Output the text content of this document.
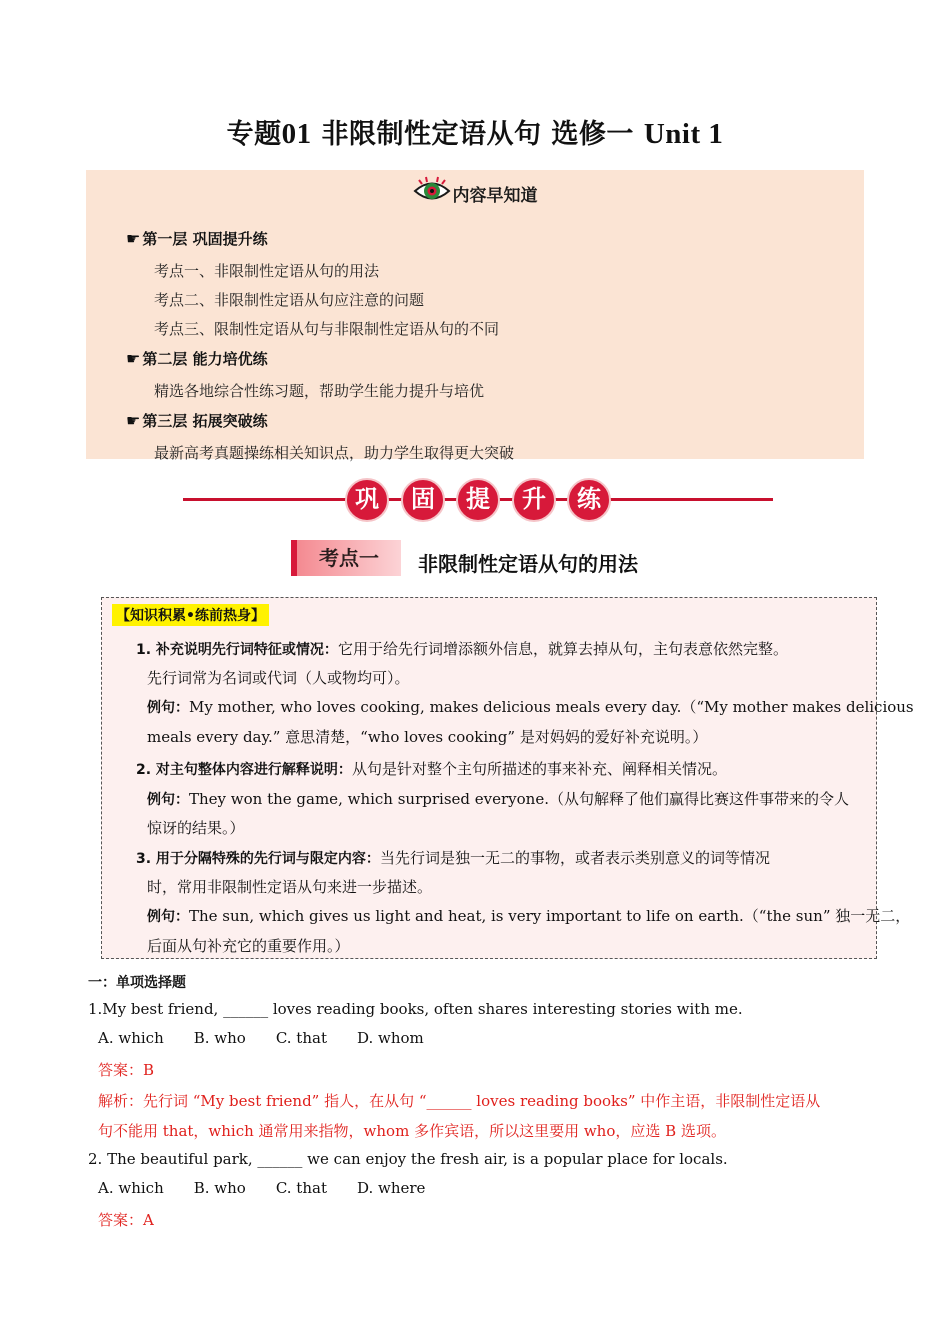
专题01 非限制性定语从句 选修一 Unit 1
内容早知道
☛ 第一层 巩固提升练
考点一、非限制性定语从句的用法
考点二、非限制性定语从句应注意的问题
考点三、限制性定语从句与非限制性定语从句的不同
☛ 第二层 能力培优练
精选各地综合性练习题，帮助学生能力提升与培优
☛ 第三层 拓展突破练
最新高考真题操练相关知识点，助力学生取得更大突破
巩	固	提	升	练
考点一	非限制性定语从句的用法
【知识积累•练前热身】
1. 补充说明先行词特征或情况：它用于给先行词增添额外信息，就算去掉从句，主句表意依然完整。
先行词常为名词或代词（人或物均可）。
例句：My mother, who loves cooking, makes delicious meals every day.（“My mother makes delicious
meals every day.” 意思清楚，“who loves cooking” 是对妈妈的爱好补充说明。）
2. 对主句整体内容进行解释说明：从句是针对整个主句所描述的事来补充、阐释相关情况。
例句：They won the game, which surprised everyone.（从句解释了他们赢得比赛这件事带来的令人
惊讶的结果。）
3. 用于分隔特殊的先行词与限定内容：当先行词是独一无二的事物，或者表示类别意义的词等情况
时，常用非限制性定语从句来进一步描述。
例句：The sun, which gives us light and heat, is very important to life on earth.（“the sun” 独一无二，
后面从句补充它的重要作用。）
一：单项选择题
1.My best friend, ______ loves reading books, often shares interesting stories with me.
A. which B. who C. that D. whom
答案：B
解析：先行词 “My best friend” 指人，在从句 “______ loves reading books” 中作主语，非限制性定语从
句不能用 that，which 通常用来指物，whom 多作宾语，所以这里要用 who，应选 B 选项。
2. The beautiful park, ______ we can enjoy the fresh air, is a popular place for locals.
A. which B. who C. that D. where
答案：A
